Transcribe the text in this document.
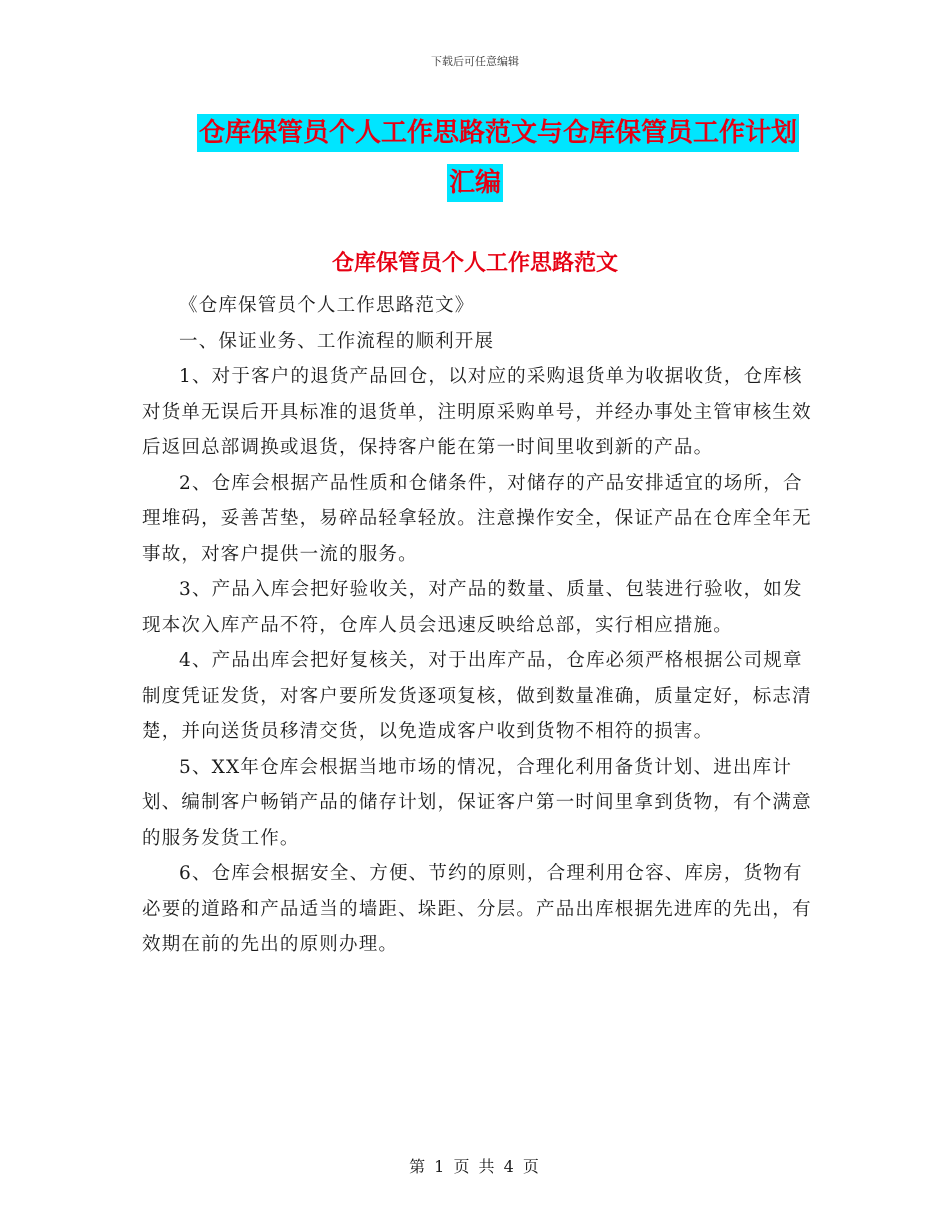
下载后可任意编辑
仓库保管员个人工作思路范文与仓库保管员工作计划
汇编
仓库保管员个人工作思路范文

《仓库保管员个人工作思路范文》

一、保证业务、工作流程的顺利开展

1、对于客户的退货产品回仓，以对应的采购退货单为收据收货，仓库核对货单无误后开具标准的退货单，注明原采购单号，并经办事处主管审核生效后返回总部调换或退货，保持客户能在第一时间里收到新的产品。

2、仓库会根据产品性质和仓储条件，对储存的产品安排适宜的场所，合理堆码，妥善苫垫，易碎品轻拿轻放。注意操作安全，保证产品在仓库全年无事故，对客户提供一流的服务。

3、产品入库会把好验收关，对产品的数量、质量、包装进行验收，如发现本次入库产品不符，仓库人员会迅速反映给总部，实行相应措施。

4、产品出库会把好复核关，对于出库产品，仓库必须严格根据公司规章制度凭证发货，对客户要所发货逐项复核，做到数量准确，质量定好，标志清楚，并向送货员移清交货，以免造成客户收到货物不相符的损害。

5、XX年仓库会根据当地市场的情况，合理化利用备货计划、进出库计划、编制客户畅销产品的储存计划，保证客户第一时间里拿到货物，有个满意的服务发货工作。

6、仓库会根据安全、方便、节约的原则，合理利用仓容、库房，货物有必要的道路和产品适当的墙距、垛距、分层。产品出库根据先进库的先出，有效期在前的先出的原则办理。

第 1 页 共 4 页
